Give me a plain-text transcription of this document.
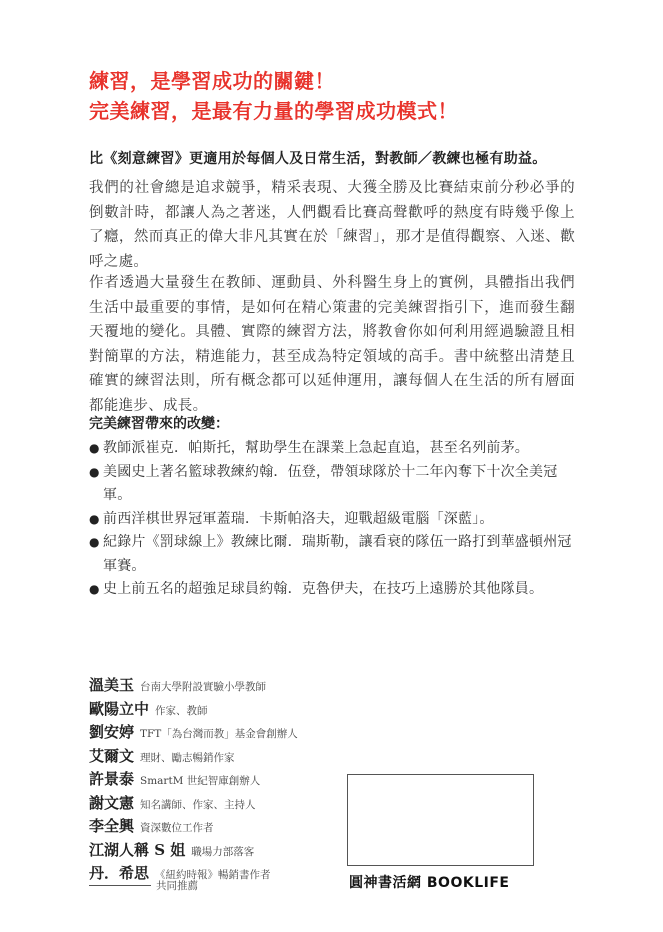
練習，是學習成功的關鍵！
完美練習，是最有力量的學習成功模式！
比《刻意練習》更適用於每個人及日常生活，對教師／教練也極有助益。
我們的社會總是追求競爭，精采表現、大獲全勝及比賽結束前分秒必爭的倒數計時，都讓人為之著迷，人們觀看比賽高聲歡呼的熱度有時幾乎像上了癮，然而真正的偉大非凡其實在於「練習」，那才是值得觀察、入迷、歡呼之處。
作者透過大量發生在教師、運動員、外科醫生身上的實例，具體指出我們生活中最重要的事情，是如何在精心策畫的完美練習指引下，進而發生翻天覆地的變化。具體、實際的練習方法，將教會你如何利用經過驗證且相對簡單的方法，精進能力，甚至成為特定領域的高手。書中統整出清楚且確實的練習法則，所有概念都可以延伸運用，讓每個人在生活的所有層面都能進步、成長。
完美練習帶來的改變：
● 教師派崔克．帕斯托，幫助學生在課業上急起直追，甚至名列前茅。
● 美國史上著名籃球教練約翰．伍登，帶領球隊於十二年內奪下十次全美冠軍。
● 前西洋棋世界冠軍蓋瑞．卡斯帕洛夫，迎戰超級電腦「深藍」。
● 紀錄片《罰球線上》教練比爾．瑞斯勒，讓看衰的隊伍一路打到華盛頓州冠軍賽。
● 史上前五名的超強足球員約翰．克魯伊夫，在技巧上遠勝於其他隊員。
溫美玉 台南大學附設實驗小學教師
歐陽立中 作家、教師
劉安婷 TFT「為台灣而教」基金會創辦人
艾爾文 理財、勵志暢銷作家
許景泰 SmartM 世紀智庫創辦人
謝文憲 知名講師、作家、主持人
李全興 資深數位工作者
江湖人稱 S 姐 職場力部落客
丹．希思 《紐約時報》暢銷書作者
共同推薦	圓神書活網 BOOKLIFE
